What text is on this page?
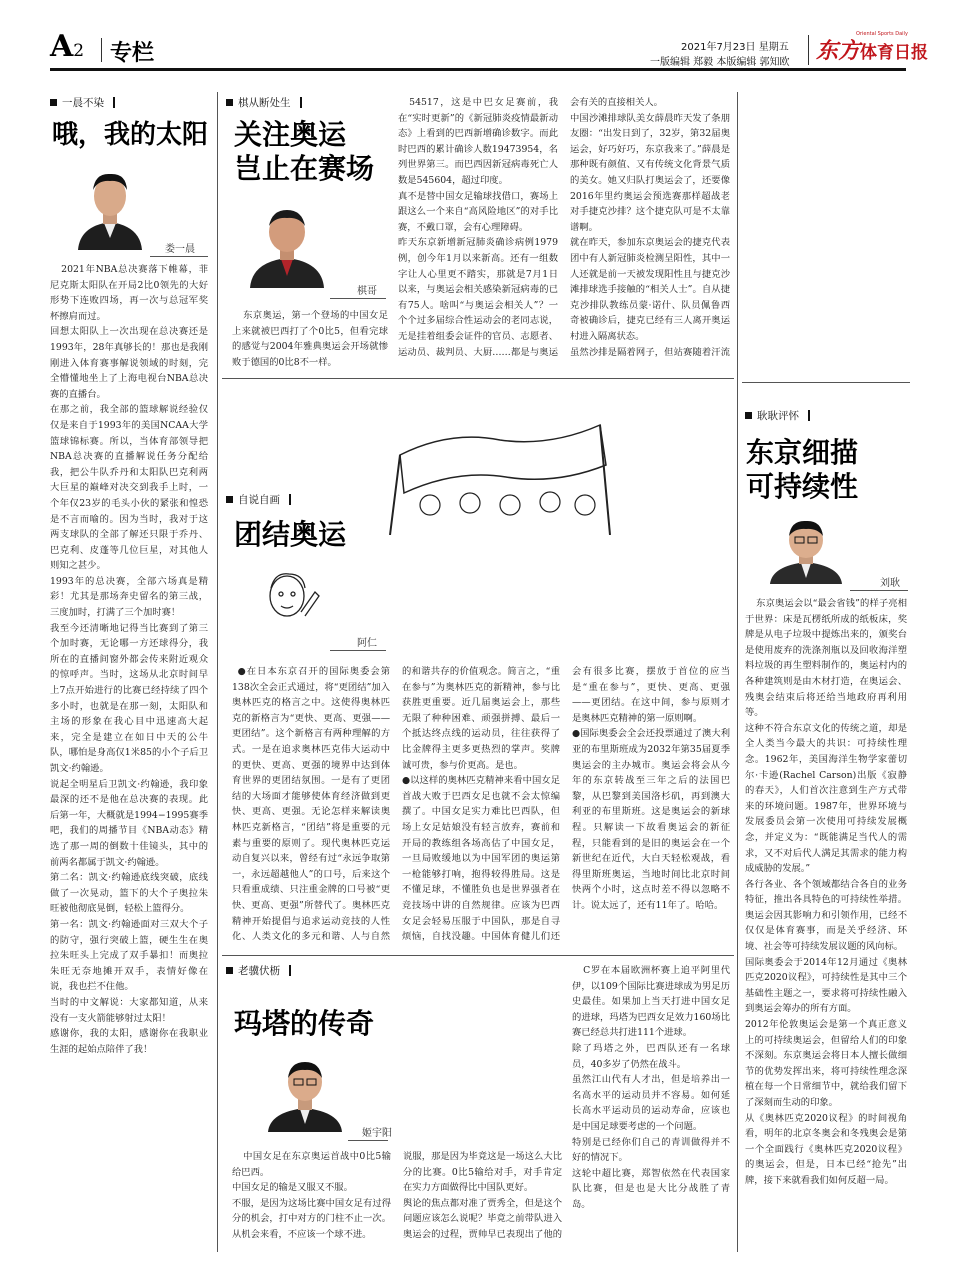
A2 专栏	2021年7月23日 星期五
一版编辑 郑毅 本版编辑 郭知欧 东方体育日报
Oriental Sports Daily
一晨不染
哦，我的太阳
娄一晨
2021年NBA总决赛落下帷幕，菲尼克斯太阳队在开局2比0领先的大好形势下连败四场，再一次与总冠军奖杯擦肩而过。
回想太阳队上一次出现在总决赛还是1993年，28年真够长的！那也是我刚刚进入体育赛事解说领域的时刻，完全懵懂地坐上了上海电视台NBA总决赛的直播台。
在那之前，我全部的篮球解说经验仅仅是来自于1993年的美国NCAA大学篮球锦标赛。所以，当体育部领导把NBA总决赛的直播解说任务分配给我，把公牛队乔丹和太阳队巴克利两大巨星的巅峰对决交到我手上时，一个年仅23岁的毛头小伙的紧张和惶恐是不言而喻的。因为当时，我对于这两支球队的全部了解还只限于乔丹、巴克利、皮蓬等几位巨星，对其他人则知之甚少。
1993年的总决赛，全部六场真是精彩！尤其是那场奔史留名的第三战，三度加时，打满了三个加时赛！
我至今还清晰地记得当比赛到了第三个加时赛，无论哪一方还球得分，我所在的直播间窗外都会传来附近观众的惊呼声。当时，这场从北京时间早上7点开始进行的比赛已经持续了四个多小时，也就是在那一刻，太阳队和主场的形象在我心目中迅速高大起来，完全是建立在如日中天的公牛队，哪怕是身高仅1米85的小个子后卫凯文·约翰逊。
说起全明星后卫凯文·约翰逊，我印象最深的还不是他在总决赛的表现。此后第一年，大概就是1994−1995赛季吧，我们的周播节目《NBA动态》精选了那一周的倒数十佳镜头，其中的前两名都属于凯文·约翰逊。
第二名：凯文·约翰逊底线突破，底线做了一次晃动，篮下的大个子奥拉朱旺被他彻底晃倒，轻松上篮得分。
第一名：凯文·约翰逊面对三双大个子的防守，强行突破上篮，硬生生在奥拉朱旺头上完成了双手暴扣！而奥拉朱旺无奈地摊开双手，表情好像在说，我也拦不住他。
当时的中文解说：大家都知道，从来没有一支火箭能够射过太阳！
感谢你，我的太阳，感谢你在我职业生涯的起始点陪伴了我！
棋从断处生
关注奥运
岂止在赛场
棋哥
东京奥运，第一个登场的中国女足上来就被巴西打了个0比5，但看完球的感觉与2004年雅典奥运会开场就惨败于德国的0比8不一样。
54517，这是中巴女足赛前，我在“实时更新”的《新冠肺炎疫情最新动态》上看到的巴西新增确诊数字。而此时巴西的累计确诊人数19473954，名列世界第三。而巴西因新冠病毒死亡人数是545604，超过印度。
真不是替中国女足输球找借口，赛场上跟这么一个来自“高风险地区”的对手比赛，不戴口罩，会有心理障碍。
昨天东京新增新冠肺炎确诊病例1979例，创今年1月以来新高。还有一组数字让人心里更不踏实，那就是7月1日以来，与奥运会相关感染新冠病毒的已有75人。啥叫“与奥运会相关人”？一个个过多届综合性运动会的老同志说，无是挂着组委会证件的官员、志愿者、运动员、裁判员、大厨……都是与奥运会有关的直接相关人。
中国沙滩排球队美女薛晨昨天发了条朋友圈：“出发日到了，32岁，第32届奥运会，好巧好巧，东京我来了。”薛晨是那种既有颜值、又有传统文化背景气质的美女。她又归队打奥运会了，还要像2016年里约奥运会预选赛那样超战老对手捷克沙排？这个捷克队可是不太靠谱啊。
就在昨天，参加东京奥运会的捷克代表团中有人新冠肺炎检测呈阳性，其中一人还就是前一天被发现阳性且与捷克沙滩排球选手接触的“相关人士”。自从捷克沙排队教练员蒙·诺什、队员佩鲁西奇被确诊后，捷克已经有三人离开奥运村进入隔离状态。
虽然沙排是隔着网子，但站赛随着汗流

自说自画
团结奥运
阿仁
●在日本东京召开的国际奥委会第138次全会正式通过，将“更团结”加入奥林匹克的格言之中。这使得奥林匹克的新格言为“更快、更高、更强——更团结”。这个新格言有两种理解的方式。一是在追求奥林匹克伟大运动中的更快、更高、更强的境界中达到体育世界的更团结氛围。一是有了更团结的大场面才能够使体育经济做到更快、更高、更强。无论怎样来解读奥林匹克新格言，“团结”将是重要的元素与重要的原则了。现代奥林匹克运动自复兴以来，曾经有过“永远争取第一，永远超越他人”的口号，后来这个只看重成绩、只注重金牌的口号被“更快、更高、更强”所替代了。奥林匹克精神开始提倡与追求运动竞技的人性化、人类文化的多元和谐、人与自然的和谐共存的价值观念。简言之，“重在参与”为奥林匹克的新精神，参与比获胜更重要。近几届奥运会上，那些无限了种种困难、顽强拼搏、最后一个抵达终点线的运动员，往往获得了比金牌得主更多更热烈的掌声。奖牌诚可贵，参与价更高。是也。
●以这样的奥林匹克精神来看中国女足首战大败于巴西女足也就不会太惊编撰了。中国女足实力难比巴西队，但场上女足姑娘没有轻言放弃，赛前和开局的教练组各场高估了中国女足，一旦局败缓地以为中国军团的奥运第一枪能够打响，抱得较得胜局。这是不懂足球，不懂胜负也是世界强者在竞技场中讲的自然规律。应该为巴西女足会轻易压服于中国队，那是自寻烦恼，自找没趣。中国体育健儿们还会有很多比赛，摆放于首位的应当是“重在参与”，更快、更高、更强——更团结。在这中间，参与原则才是奥林匹克精神的第一原则啊。
●国际奥委会全会还投票通过了澳大利亚的布里斯班成为2032年第35届夏季奥运会的主办城市。奥运会将会从今年的东京转战至三年之后的法国巴黎，从巴黎到美国洛杉矶，再到澳大利亚的布里斯班。这是奥运会的新球程。只解读一下故看奥运会的新征程，只能看到的是旧的奥运会在一个新世纪在近代，大白天轻松观战，看得里斯班奥运，当地时间比北京时间快两个小时，这点时差不得以忽略不计。说太远了，还有11年了。哈哈。
耿耿评怀
东京细描
可持续性
刘耿
东京奥运会以“最会省钱”的样子亮相于世界：床是瓦楞纸所成的纸板床，奖牌是从电子垃圾中提炼出来的，颁奖台是使用废弃的洗涤剂瓶以及回收海洋塑料垃圾的再生塑料制作的，奥运村内的各种建筑则是由木材打造，在奥运会、残奥会结束后将还给当地政府再利用等。
这种不符合东京文化的传统之道，却是全人类当今最大的共识：可持续性理念。1962年，美国海洋生物学家蕾切尔·卡逊(Rachel Carson)出版《寂静的春天》，人们首次注意到生产方式带来的环境问题。1987年，世界环境与发展委员会第一次使用可持续发展概念，并定义为：“既能满足当代人的需求，又不对后代人满足其需求的能力构成威胁的发展。”
各行各业、各个领域都结合各自的业务特征，推出各具特色的可持续性举措。奥运会因其影响力和引领作用，已经不仅仅是体育赛事，而是关乎经济、环境、社会等可持续发展议题的风向标。
国际奥委会于2014年12月通过《奥林匹克2020议程》，可持续性是其中三个基础性主题之一，要求将可持续性融入到奥运会筹办的所有方面。
2012年伦敦奥运会是第一个真正意义上的可持续奥运会，但留给人们的印象不深刻。东京奥运会将日本人擅长做细节的优势发挥出来，将可持续性理念深植在每一个日常细节中，就给我们留下了深刻而生动的印象。
从《奥林匹克2020议程》的时间视角看，明年的北京冬奥会和冬残奥会是第一个全面践行《奥林匹克2020议程》的奥运会，但是，日本已经“抢先”出牌，接下来就看我们如何反超一局。
老骥伏枥
玛塔的传奇
姬宇阳
中国女足在东京奥运首战中0比5输给巴西。
中国女足的输是又服又不服。
不服，是因为这场比赛中国女足有过得分的机会，打中对方的门柱不止一次。从机会来看，不应该一个球不进。
说服，那是因为毕竟这是一场这么大比分的比赛。0比5输给对手，对手肯定在实力方面做得比中国队更好。
舆论的焦点都对准了贾秀全，但是这个问题应该怎么说呢？毕竟之前带队进入奥运会的过程，贾帅早已表现出了他的

C罗在本届欧洲杯赛上追平阿里代伊，以109个国际比赛进球成为男足历史最佳。如果加上当天打进中国女足的进球，玛塔为巴西女足效力160场比赛已经总共打进111个进球。
除了玛塔之外，巴西队还有一名球员，40多岁了仍然在战斗。
虽然江山代有人才出，但是培养出一名高水平的运动员并不容易。如何延长高水平运动员的运动寿命，应该也是中国足球要考虑的一个问题。
特别是已经你们自己的青训做得并不好的情况下。
这轮中超比赛，郑智依然在代表国家队比赛，但是也是大比分战胜了青岛。
